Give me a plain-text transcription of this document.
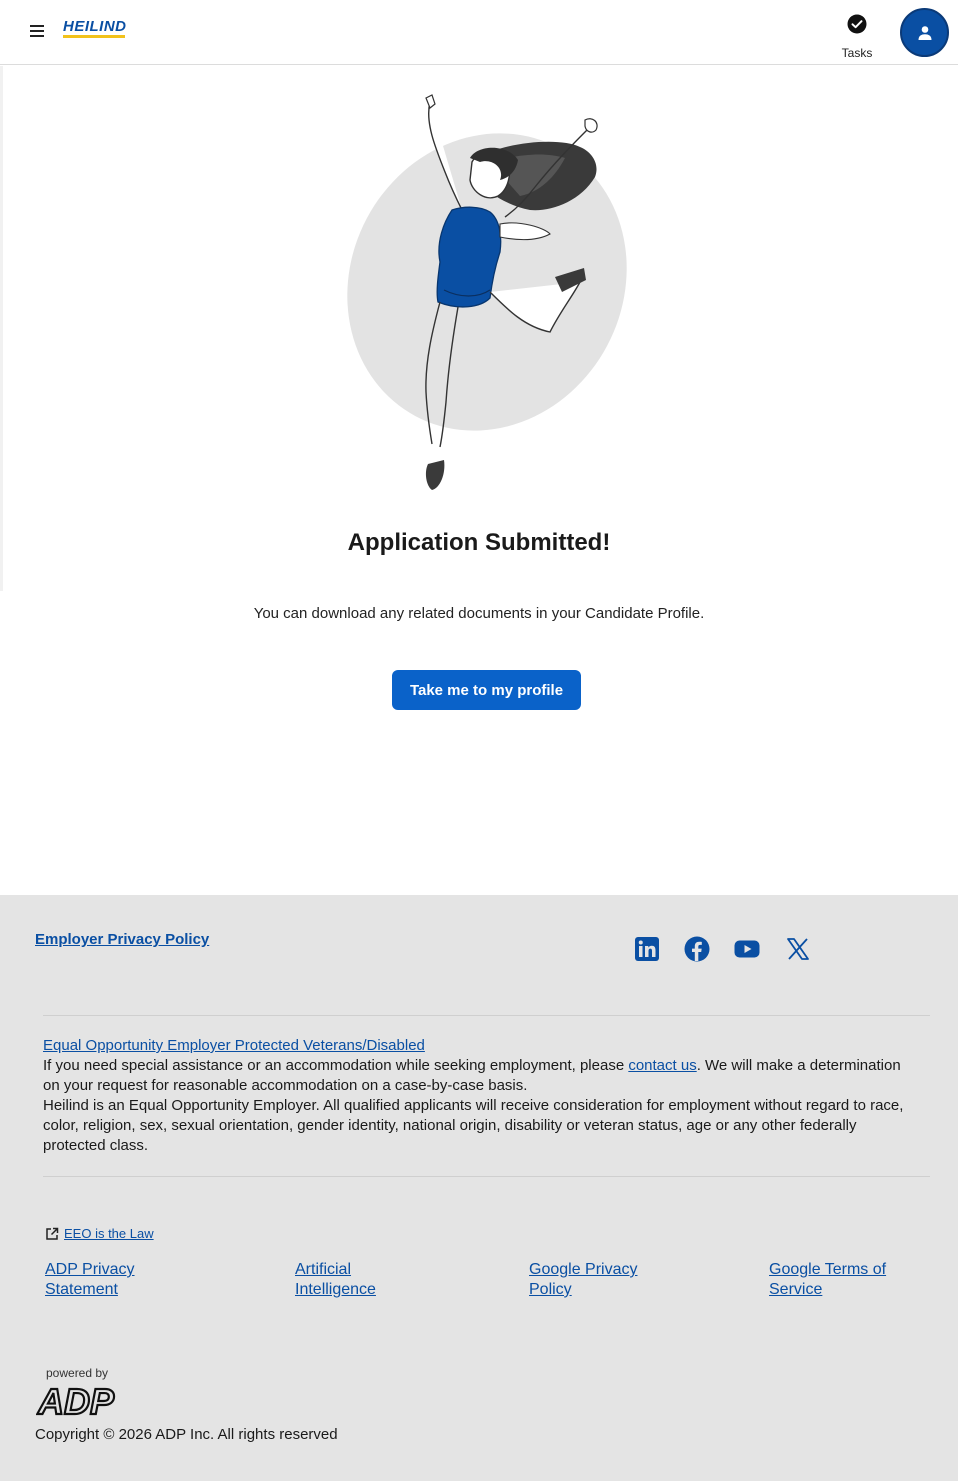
HEILIND
Tasks
Application Submitted!
You can download any related documents in your Candidate Profile.
Take me to my profile
Employer Privacy Policy
Equal Opportunity Employer Protected Veterans/Disabled
If you need special assistance or an accommodation while seeking employment, please contact us. We will make a determination on your request for reasonable accommodation on a case-by-case basis.
Heilind is an Equal Opportunity Employer. All qualified applicants will receive consideration for employment without regard to race, color, religion, sex, sexual orientation, gender identity, national origin, disability or veteran status, age or any other federally protected class.
EEO is the Law
ADP Privacy Statement
Artificial Intelligence
Google Privacy Policy
Google Terms of Service
powered by
ADP
Copyright © 2026 ADP Inc. All rights reserved
